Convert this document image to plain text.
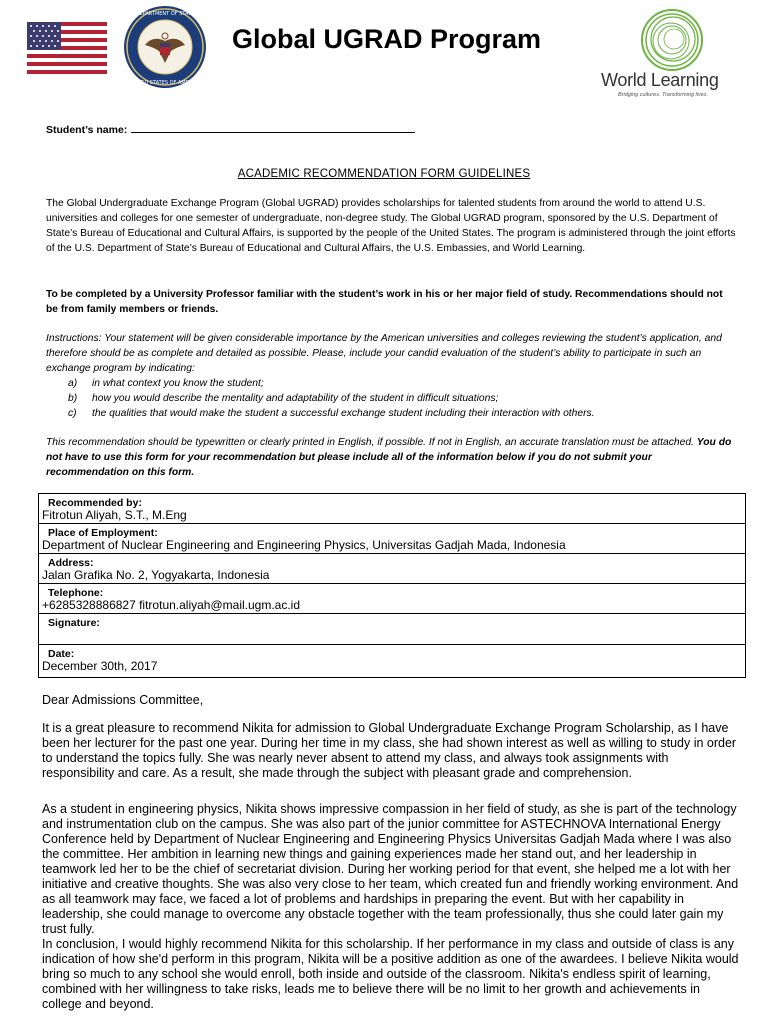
DEPARTMENT OF STATE
UNITED STATES OF AMERICA
Global UGRAD Program
World Learning
Bridging cultures. Transforming lives.
Student’s name:
ACADEMIC RECOMMENDATION FORM GUIDELINES
The Global Undergraduate Exchange Program (Global UGRAD) provides scholarships for talented students from around the world to attend U.S. universities and colleges for one semester of undergraduate, non-degree study. The Global UGRAD program, sponsored by the U.S. Department of State’s Bureau of Educational and Cultural Affairs, is supported by the people of the United States. The program is administered through the joint efforts of the U.S. Department of State’s Bureau of Educational and Cultural Affairs, the U.S. Embassies, and World Learning.
To be completed by a University Professor familiar with the student’s work in his or her major field of study. Recommendations should not be from family members or friends.
Instructions: Your statement will be given considerable importance by the American universities and colleges reviewing the student’s application, and therefore should be as complete and detailed as possible. Please, include your candid evaluation of the student’s ability to participate in such an exchange program by indicating:
a) in what context you know the student;
b) how you would describe the mentality and adaptability of the student in difficult situations;
c) the qualities that would make the student a successful exchange student including their interaction with others.
This recommendation should be typewritten or clearly printed in English, if possible. If not in English, an accurate translation must be attached. You do not have to use this form for your recommendation but please include all of the information below if you do not submit your recommendation on this form.
Recommended by:
Fitrotun Aliyah, S.T., M.Eng
Place of Employment:
Department of Nuclear Engineering and Engineering Physics, Universitas Gadjah Mada, Indonesia
Address:
Jalan Grafika No. 2, Yogyakarta, Indonesia
Telephone:
+6285328886827 fitrotun.aliyah@mail.ugm.ac.id
Signature:
Date:
December 30th, 2017
Dear Admissions Committee,
It is a great pleasure to recommend Nikita for admission to Global Undergraduate Exchange Program Scholarship, as I have been her lecturer for the past one year. During her time in my class, she had shown interest as well as willing to study in order to understand the topics fully. She was nearly never absent to attend my class, and always took assignments with responsibility and care. As a result, she made through the subject with pleasant grade and comprehension.
As a student in engineering physics, Nikita shows impressive compassion in her field of study, as she is part of the technology and instrumentation club on the campus. She was also part of the junior committee for ASTECHNOVA International Energy Conference held by Department of Nuclear Engineering and Engineering Physics Universitas Gadjah Mada where I was also the committee. Her ambition in learning new things and gaining experiences made her stand out, and her leadership in teamwork led her to be the chief of secretariat division. During her working period for that event, she helped me a lot with her initiative and creative thoughts. She was also very close to her team, which created fun and friendly working environment. And as all teamwork may face, we faced a lot of problems and hardships in preparing the event. But with her capability in leadership, she could manage to overcome any obstacle together with the team professionally, thus she could later gain my trust fully.
In conclusion, I would highly recommend Nikita for this scholarship. If her performance in my class and outside of class is any indication of how she'd perform in this program, Nikita will be a positive addition as one of the awardees. I believe Nikita would bring so much to any school she would enroll, both inside and outside of the classroom. Nikita's endless spirit of learning, combined with her willingness to take risks, leads me to believe there will be no limit to her growth and achievements in college and beyond.
